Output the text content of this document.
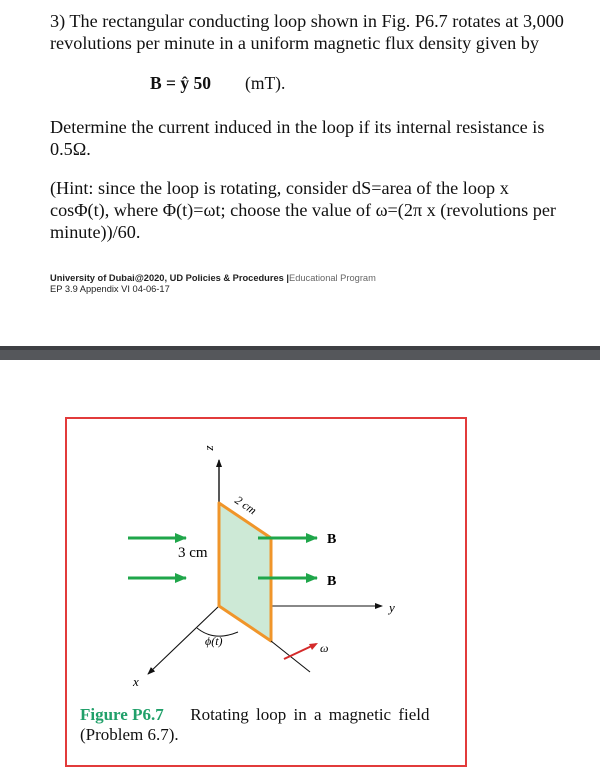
3) The rectangular conducting loop shown in Fig. P6.7 rotates at 3,000

revolutions per minute in a uniform magnetic flux density given by

B = ŷ 50 (mT).

Determine the current induced in the loop if its internal resistance is

0.5Ω.

(Hint: since the loop is rotating, consider dS=area of the loop x

cosΦ(t), where Φ(t)=ωt; choose the value of ω=(2π x (revolutions per

minute))/60.

University of Dubai@2020, UD Policies & Procedures |Educational Program
EP 3.9 Appendix VI 04-06-17
z
y
x
2 cm
3 cm
B
B
ϕ(t)	ω
Figure P6.7 Rotating loop in a magnetic field
(Problem 6.7).
